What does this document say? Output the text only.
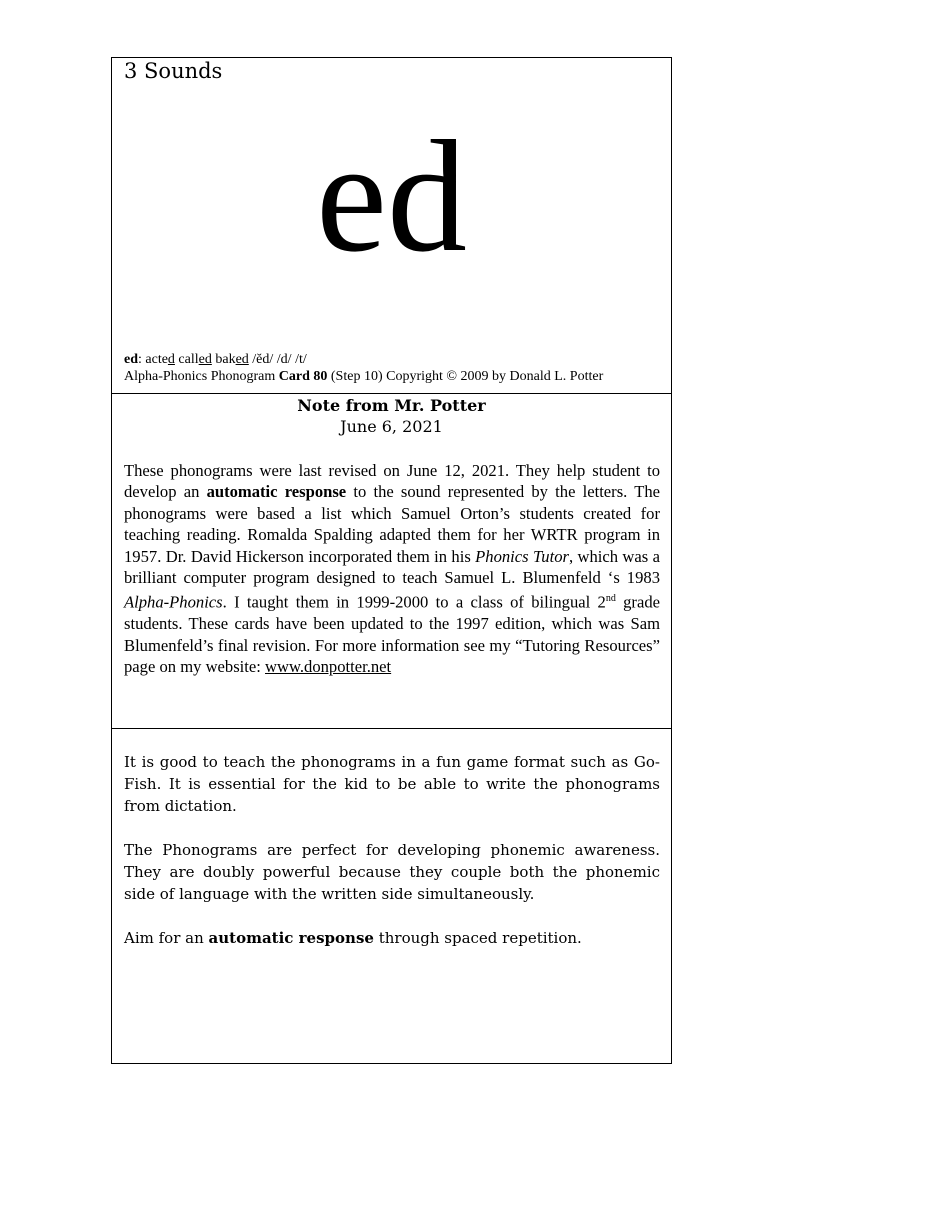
3 Sounds
ed
ed: acted called baked /ĕd/ /d/ /t/
Alpha-Phonics Phonogram Card 80 (Step 10) Copyright © 2009 by Donald L. Potter
Note from Mr. Potter
June 6, 2021

These phonograms were last revised on June 12, 2021. They help student to develop an automatic response to the sound represented by the letters. The phonograms were based a list which Samuel Orton’s students created for teaching reading. Romalda Spalding adapted them for her WRTR program in 1957. Dr. David Hickerson incorporated them in his Phonics Tutor, which was a brilliant computer program designed to teach Samuel L. Blumenfeld ‘s 1983 Alpha-Phonics. I taught them in 1999-2000 to a class of bilingual 2nd grade students. These cards have been updated to the 1997 edition, which was Sam Blumenfeld’s final revision. For more information see my “Tutoring Resources” page on my website: www.donpotter.net

It is good to teach the phonograms in a fun game format such as Go-Fish. It is essential for the kid to be able to write the phonograms from dictation.

The Phonograms are perfect for developing phonemic awareness. They are doubly powerful because they couple both the phonemic side of language with the written side simultaneously.

Aim for an automatic response through spaced repetition.
